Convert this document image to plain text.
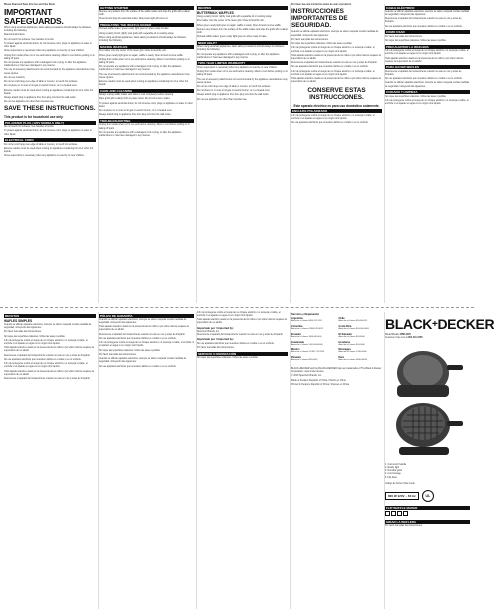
Please Read and Save this Use and Care Book.
IMPORTANT SAFEGUARDS.
When using electrical appliances, basic safety precautions should always be followed, including the following:
Read all instructions.
Do not touch hot surfaces. Use handles or knobs.
To protect against electrical shock, do not immerse cord, plugs or appliance in water or other liquid.
Close supervision is necessary when any appliance is used by or near children.
Unplug from outlet when not in use and before cleaning. Allow to cool before putting on or taking off parts.
Do not operate any appliance with a damaged cord or plug, or after the appliance malfunctions or has been damaged in any manner.
The use of accessory attachments not recommended by the appliance manufacturer may cause injuries.
Do not use outdoors.
Do not let cord hang over edge of table or counter, or touch hot surfaces.
Do not place on or near a hot gas or electric burner, or in a heated oven.
Extreme caution must be used when moving an appliance containing hot oil or other hot liquids.
Always attach plug to appliance first, then plug cord into the wall outlet.
Do not use appliance for other than intended use.
SAVE THESE INSTRUCTIONS.
This product is for household use only.
POLARIZED PLUG (120V MODELS ONLY)
Do not touch hot surfaces. Use handles or knobs.
To protect against electrical shock, do not immerse cord, plugs or appliance in water or other liquid.
ELECTRICAL CORD
Do not let cord hang over edge of table or counter, or touch hot surfaces.
Extreme caution must be used when moving an appliance containing hot oil or other hot liquids.
Close supervision is necessary when any appliance is used by or near children.
GETTING STARTED
Remove any stickers from the surface of the waffle maker and wipe the grids with a damp cloth.
Close lid and plug into electrical outlet. Red power light will come on.
PREHEATING THE WAFFLE MAKER
Preheat waffle maker; green ready light goes on when ready to bake.
Using a pastry brush, lightly coat grids with vegetable oil or cooking spray.
When using electrical appliances, basic safety precautions should always be followed, including the following:
MAKING WAFFLES
Pour batter onto the center of the lower grid. Close lid and flip unit.
When green ready light goes on again, waffle is ready. Open lid and remove waffle.
Unplug from outlet when not in use and before cleaning. Allow to cool before putting on or taking off parts.
Do not operate any appliance with a damaged cord or plug, or after the appliance malfunctions or has been damaged in any manner.
The use of accessory attachments not recommended by the appliance manufacturer may cause injuries.
Extreme caution must be used when moving an appliance containing hot oil or other hot liquids.
CARE AND CLEANING
Always unplug waffle maker and allow to cool completely before cleaning.
Wipe grids with a damp cloth or paper towel. Do not immerse in water.
To protect against electrical shock, do not immerse cord, plugs or appliance in water or other liquid.
Do not place on or near a hot gas or electric burner, or in a heated oven.
Always attach plug to appliance first, then plug cord into the wall outlet.
TROUBLESHOOTING
Unplug from outlet when not in use and before cleaning. Allow to cool before putting on or taking off parts.
Do not operate any appliance with a damaged cord or plug, or after the appliance malfunctions or has been damaged in any manner.
RECIPES
BUTTERMILK WAFFLES
Using a pastry brush, lightly coat grids with vegetable oil or cooking spray.
Pour batter onto the center of the lower grid. Close lid and flip unit.
When green ready light goes on again, waffle is ready. Open lid and remove waffle.
Remove any stickers from the surface of the waffle maker and wipe the grids with a damp cloth.
Preheat waffle maker; green ready light goes on when ready to bake.
NEED HELP?
When using electrical appliances, basic safety precautions should always be followed, including the following:
Do not operate any appliance with a damaged cord or plug, or after the appliance malfunctions or has been damaged in any manner.
TWO-YEAR LIMITED WARRANTY
Close supervision is necessary when any appliance is used by or near children.
Unplug from outlet when not in use and before cleaning. Allow to cool before putting on or taking off parts.
The use of accessory attachments not recommended by the appliance manufacturer may cause injuries.
Do not let cord hang over edge of table or counter, or touch hot surfaces.
Do not place on or near a hot gas or electric burner, or in a heated oven.
Always attach plug to appliance first, then plug cord into the wall outlet.
Do not use appliance for other than intended use.
Por favor lea este instructivo antes de usar el producto
INSTRUCCIONES IMPORTANTES DE SEGURIDAD.
Cuando se utilizan aparatos eléctricos, siempre se deben respetar ciertas medidas de seguridad, incluyendo las siguientes:
Por favor lea todas las instrucciones.
No toque las superficies calientes. Utilice las asas o perillas.
A fin de protegerse contra el riesgo de un choque eléctrico, no sumerja el cable, el enchufe ni el aparato en agua ni en ningún otro líquido.
Todo aparato eléctrico usado en la presencia de los niños o por ellos mismos requiere la supervisión de un adulto.
Desconecte el aparato del tomacorriente cuando no esté en uso y antes de limpiarlo.
No use aparatos eléctricos que muestren daños en el cable o en el enchufe.
A fin de protegerse contra el riesgo de un choque eléctrico, no sumerja el cable, el enchufe ni el aparato en agua ni en ningún otro líquido.
Todo aparato eléctrico usado en la presencia de los niños o por ellos mismos requiere la supervisión de un adulto.
CONSERVE ESTAS INSTRUCCIONES.
Este aparato eléctrico es para uso doméstico solamente.
ENCHUFE POLARIZADO
A fin de protegerse contra el riesgo de un choque eléctrico, no sumerja el cable, el enchufe ni el aparato en agua ni en ningún otro líquido.
No use aparatos eléctricos que muestren daños en el cable o en el enchufe.
CABLE ELÉCTRICO
Cuando se utilizan aparatos eléctricos, siempre se deben respetar ciertas medidas de seguridad, incluyendo las siguientes:
Desconecte el aparato del tomacorriente cuando no esté en uso y antes de limpiarlo.
No use aparatos eléctricos que muestren daños en el cable o en el enchufe.
COMO USAR
Por favor lea todas las instrucciones.
No toque las superficies calientes. Utilice las asas o perillas.
PRECALENTAR LA WAFLERA
A fin de protegerse contra el riesgo de un choque eléctrico, no sumerja el cable, el enchufe ni el aparato en agua ni en ningún otro líquido.
Todo aparato eléctrico usado en la presencia de los niños o por ellos mismos requiere la supervisión de un adulto.
PARA HACER WAFLES
Desconecte el aparato del tomacorriente cuando no esté en uso y antes de limpiarlo.
No use aparatos eléctricos que muestren daños en el cable o en el enchufe.
Cuando se utilizan aparatos eléctricos, siempre se deben respetar ciertas medidas de seguridad, incluyendo las siguientes:
CUIDADO Y LIMPIEZA
No toque las superficies calientes. Utilice las asas o perillas.
A fin de protegerse contra el riesgo de un choque eléctrico, no sumerja el cable, el enchufe ni el aparato en agua ni en ningún otro líquido.
RECETAS
WAFLES SIMPLES
Cuando se utilizan aparatos eléctricos, siempre se deben respetar ciertas medidas de seguridad, incluyendo las siguientes:
Por favor lea todas las instrucciones.
No toque las superficies calientes. Utilice las asas o perillas.
A fin de protegerse contra el riesgo de un choque eléctrico, no sumerja el cable, el enchufe ni el aparato en agua ni en ningún otro líquido.
Todo aparato eléctrico usado en la presencia de los niños o por ellos mismos requiere la supervisión de un adulto.
Desconecte el aparato del tomacorriente cuando no esté en uso y antes de limpiarlo.
No use aparatos eléctricos que muestren daños en el cable o en el enchufe.
A fin de protegerse contra el riesgo de un choque eléctrico, no sumerja el cable, el enchufe ni el aparato en agua ni en ningún otro líquido.
Todo aparato eléctrico usado en la presencia de los niños o por ellos mismos requiere la supervisión de un adulto.
Desconecte el aparato del tomacorriente cuando no esté en uso y antes de limpiarlo.
PÓLIZA DE GARANTÍA
Cuando se utilizan aparatos eléctricos, siempre se deben respetar ciertas medidas de seguridad, incluyendo las siguientes:
Todo aparato eléctrico usado en la presencia de los niños o por ellos mismos requiere la supervisión de un adulto.
Desconecte el aparato del tomacorriente cuando no esté en uso y antes de limpiarlo.
No use aparatos eléctricos que muestren daños en el cable o en el enchufe.
A fin de protegerse contra el riesgo de un choque eléctrico, no sumerja el cable, el enchufe ni el aparato en agua ni en ningún otro líquido.
No toque las superficies calientes. Utilice las asas o perillas.
Por favor lea todas las instrucciones.
Cuando se utilizan aparatos eléctricos, siempre se deben respetar ciertas medidas de seguridad, incluyendo las siguientes:
No use aparatos eléctricos que muestren daños en el cable o en el enchufe.
A fin de protegerse contra el riesgo de un choque eléctrico, no sumerja el cable, el enchufe ni el aparato en agua ni en ningún otro líquido.
Todo aparato eléctrico usado en la presencia de los niños o por ellos mismos requiere la supervisión de un adulto.
Importado por / Imported by:
Spectrum Brands, Inc.
Desconecte el aparato del tomacorriente cuando no esté en uso y antes de limpiarlo.
Importado por / Imported by:
No use aparatos eléctricos que muestren daños en el cable o en el enchufe.
Por favor lea todas las instrucciones.
SERVICIO O REPARACIÓN
No toque las superficies calientes. Utilice las asas o perillas.
Servicio y Reparación
Argentina
Atención al cliente 0800-111-1111
Chile
Atención al cliente 800-600-111
Colombia
Atención al cliente 018000 510012
Costa Rica
Atención al cliente 800-000-0000
Ecuador
Atención al cliente 1800-000-000
El Salvador
Atención al cliente 800-6000
Guatemala
Atención al cliente 1-801-0000000
Honduras
Atención al cliente 800-0000
México
Atención al cliente 01 800 714 2503
Nicaragua
Atención al cliente 1-800-0000
Panamá
Atención al cliente 800-0000
Perú
Atención al cliente 0800-00000
BLACK+DECKER and the BLACK+DECKER logo are trademarks of The Black & Decker Corporation, used under license.
© 2016 Spectrum Brands, Inc.
Made in People's Republic of China / Hecho en China
Printed in People's Republic of China / Impreso en China
BLACK+DECKER
Model/Modelo WM1404S
Customer Care Line 1-800-231-9786
1. Cool-touch handle
2. Ready light
3. Nonstick grids
4. Cord storage
5. Flip base
Código de fecha / Date Code
800 W 120V ~ 60 Hz	UL
FLIP WAFFLE MAKER
GIRAR LA WAFLERA
Por favor lea todas las instrucciones.
